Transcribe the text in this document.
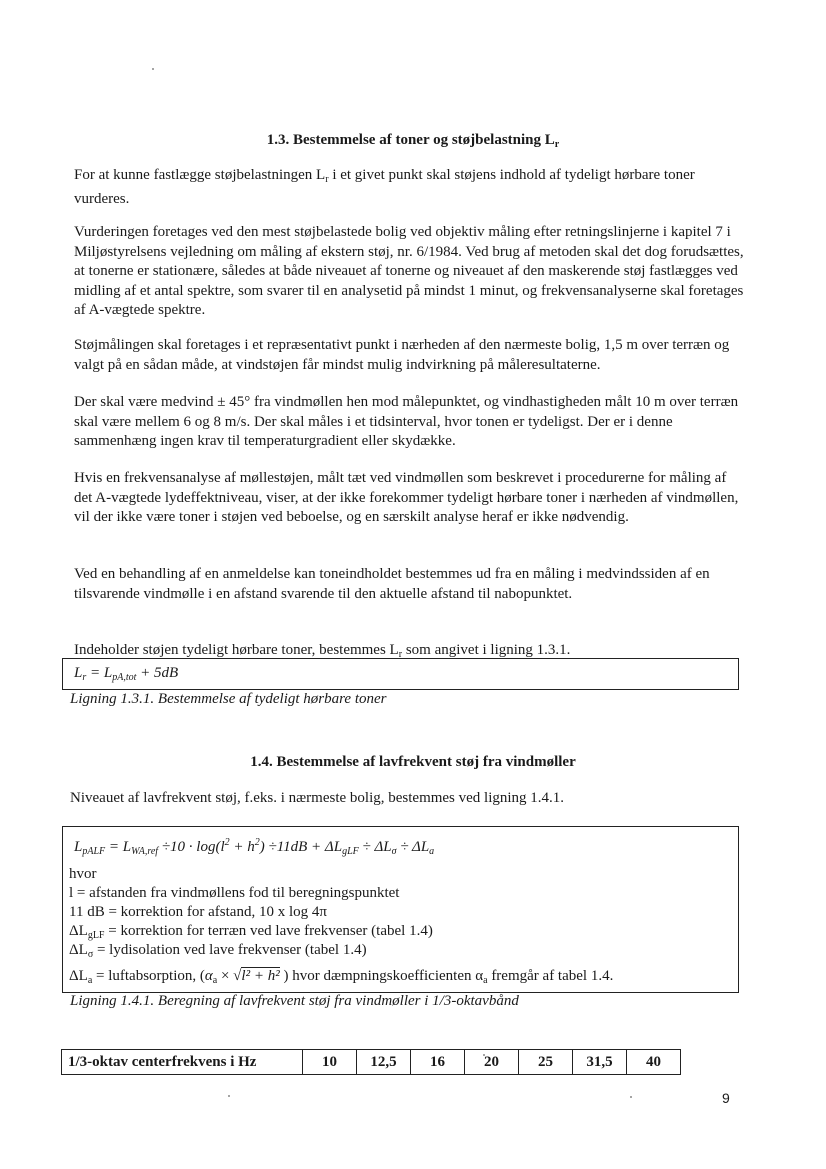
1.3. Bestemmelse af toner og støjbelastning $L_r$

For at kunne fastlægge støjbelastningen $L_r$ i et givet punkt skal støjens indhold af tydeligt hørbare toner vurderes.

Vurderingen foretages ved den mest støjbelastede bolig ved objektiv måling efter retningslinjerne i kapitel 7 i Miljøstyrelsens vejledning om måling af ekstern støj, nr. 6/1984. Ved brug af metoden skal det dog forudsættes, at tonerne er stationære, således at både niveauet af tonerne og niveauet af den maskerende støj fastlægges ved midling af et antal spektre, som svarer til en analysetid på mindst 1 minut, og frekvensanalyserne skal foretages af A-vægtede spektre.

Støjmålingen skal foretages i et repræsentativt punkt i nærheden af den nærmeste bolig, 1,5 m over terræn og valgt på en sådan måde, at vindstøjen får mindst mulig indvirkning på måleresultaterne.

Der skal være medvind ± 45° fra vindmøllen hen mod målepunktet, og vindhastigheden målt 10 m over terræn skal være mellem 6 og 8 m/s. Der skal måles i et tidsinterval, hvor tonen er tydeligst. Der er i denne sammenhæng ingen krav til temperaturgradient eller skydække.

Hvis en frekvensanalyse af møllestøjen, målt tæt ved vindmøllen som beskrevet i procedurerne for måling af det A-vægtede lydeffektniveau, viser, at der ikke forekommer tydeligt hørbare toner i nærheden af vindmøllen, vil der ikke være toner i støjen ved beboelse, og en særskilt analyse heraf er ikke nødvendig.

Ved en behandling af en anmeldelse kan toneindholdet bestemmes ud fra en måling i medvindssiden af en tilsvarende vindmølle i en afstand svarende til den aktuelle afstand til nabopunktet.

Indeholder støjen tydeligt hørbare toner, bestemmes $L_r$ som angivet i ligning 1.3.1.

$L_r = L_{pA,tot} + 5dB$
Ligning 1.3.1. Bestemmelse af tydeligt hørbare toner
1.4. Bestemmelse af lavfrekvent støj fra vindmøller

Niveauet af lavfrekvent støj, f.eks. i nærmeste bolig, bestemmes ved ligning 1.4.1.

$L_{pALF} = L_{WA,ref} \div 10 \cdot \log(l^2 + h^2) \div 11dB + \Delta L_{gLF} \div \Delta L_\sigma \div \Delta L_a$
hvor
l = afstanden fra vindmøllens fod til beregningspunktet
11 dB = korrektion for afstand, 10 x log 4π
$\Delta L_{gLF}$ = korrektion for terræn ved lave frekvenser (tabel 1.4)
$\Delta L_\sigma$ = lydisolation ved lave frekvenser (tabel 1.4)
$\Delta L_a$ = luftabsorption, ($\alpha_a \times √l^2 + h^2$ ) hvor dæmpningskoefficienten $\alpha_a$ fremgår af tabel 1.4.
Ligning 1.4.1. Beregning af lavfrekvent støj fra vindmøller i 1/3-oktavbånd
1/3-oktav centerfrekvens i Hz	10	12,5	16	20	25	31,5	40
9
